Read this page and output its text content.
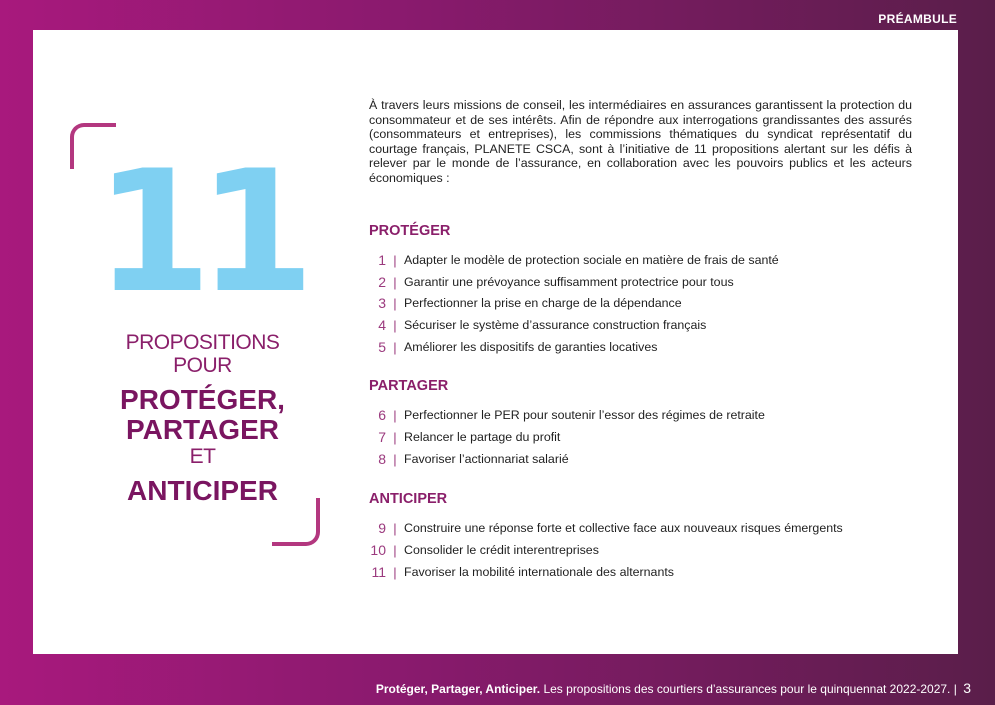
PRÉAMBULE
11
PROPOSITIONS
POUR
PROTÉGER,
PARTAGER
ET
ANTICIPER

À travers leurs missions de conseil, les intermédiaires en assurances garantissent la protection du consommateur et de ses intérêts. Afin de répondre aux interrogations grandissantes des assurés (consommateurs et entreprises), les commissions thématiques du syndicat représentatif du courtage français, PLANETE CSCA, sont à l’initiative de 11 propositions alertant sur les défis à relever par le monde de l’assurance, en collaboration avec les pouvoirs publics et les acteurs économiques :

PROTÉGER
1 | Adapter le modèle de protection sociale en matière de frais de santé
2 | Garantir une prévoyance suffisamment protectrice pour tous
3 | Perfectionner la prise en charge de la dépendance
4 | Sécuriser le système d’assurance construction français
5 | Améliorer les dispositifs de garanties locatives
PARTAGER
6 | Perfectionner le PER pour soutenir l’essor des régimes de retraite
7 | Relancer le partage du profit
8 | Favoriser l’actionnariat salarié
ANTICIPER
9 | Construire une réponse forte et collective face aux nouveaux risques émergents
10 | Consolider le crédit interentreprises
11 | Favoriser la mobilité internationale des alternants
Protéger, Partager, Anticiper. Les propositions des courtiers d’assurances pour le quinquennat 2022-2027. | 3
